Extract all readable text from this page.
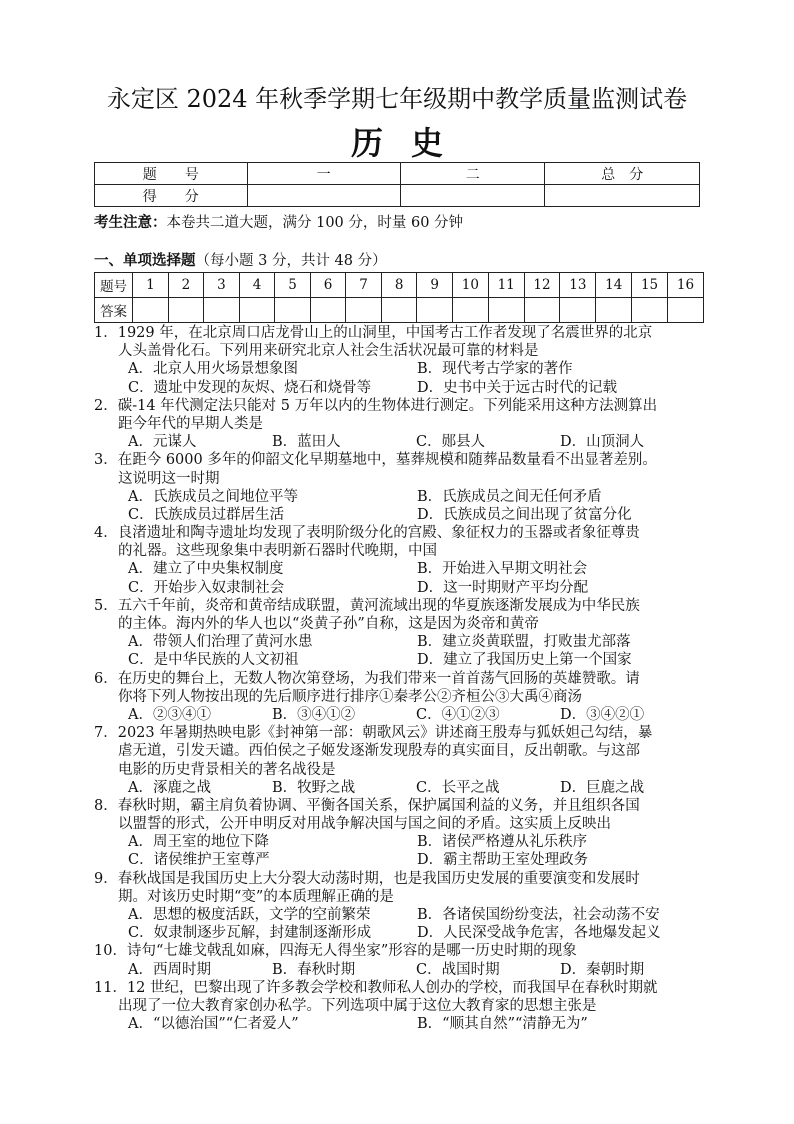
永定区 2024 年秋季学期七年级期中教学质量监测试卷
历史
题　　号	一	二	总　分
得　　分			
考生注意：本卷共二道大题，满分 100 分，时量 60 分钟
一、单项选择题（每小题 3 分，共计 48 分）
题号	1	2	3	4	5	6	7	8	9	10	11	12	13	14	15	16
答案																
1．1929 年，在北京周口店龙骨山上的山洞里，中国考古工作者发现了名震世界的北京
人头盖骨化石。下列用来研究北京人社会生活状况最可靠的材料是
A．北京人用火场景想象图	B．现代考古学家的著作
C．遗址中发现的灰烬、烧石和烧骨等	D．史书中关于远古时代的记载
2．碳-14 年代测定法只能对 5 万年以内的生物体进行测定。下列能采用这种方法测算出
距今年代的早期人类是
A．元谋人	B．蓝田人	C．郧县人	D．山顶洞人
3．在距今 6000 多年的仰韶文化早期墓地中，墓葬规模和随葬品数量看不出显著差别。
这说明这一时期
A．氏族成员之间地位平等	B．氏族成员之间无任何矛盾
C．氏族成员过群居生活	D．氏族成员之间出现了贫富分化
4．良渚遗址和陶寺遗址均发现了表明阶级分化的宫殿、象征权力的玉器或者象征尊贵
的礼器。这些现象集中表明新石器时代晚期，中国
A．建立了中央集权制度	B．开始进入早期文明社会
C．开始步入奴隶制社会	D．这一时期财产平均分配
5．五六千年前，炎帝和黄帝结成联盟，黄河流域出现的华夏族逐渐发展成为中华民族
的主体。海内外的华人也以“炎黄子孙”自称，这是因为炎帝和黄帝
A．带领人们治理了黄河水患	B．建立炎黄联盟，打败蚩尤部落
C．是中华民族的人文初祖	D．建立了我国历史上第一个国家
6．在历史的舞台上，无数人物次第登场，为我们带来一首首荡气回肠的英雄赞歌。请
你将下列人物按出现的先后顺序进行排序①秦孝公②齐桓公③大禹④商汤
A．②③④①	B．③④①②	C．④①②③	D．③④②①
7．2023 年暑期热映电影《封神第一部：朝歌风云》讲述商王殷寿与狐妖妲己勾结，暴
虐无道，引发天谴。西伯侯之子姬发逐渐发现殷寿的真实面目，反出朝歌。与这部
电影的历史背景相关的著名战役是
A．涿鹿之战	B．牧野之战	C．长平之战	D．巨鹿之战
8．春秋时期，霸主肩负着协调、平衡各国关系，保护属国利益的义务，并且组织各国
以盟誓的形式，公开申明反对用战争解决国与国之间的矛盾。这实质上反映出
A．周王室的地位下降	B．诸侯严格遵从礼乐秩序
C．诸侯维护王室尊严	D．霸主帮助王室处理政务
9．春秋战国是我国历史上大分裂大动荡时期，也是我国历史发展的重要演变和发展时
期。对该历史时期“变”的本质理解正确的是
A．思想的极度活跃，文学的空前繁荣	B．各诸侯国纷纷变法，社会动荡不安
C．奴隶制逐步瓦解，封建制逐渐形成	D．人民深受战争危害，各地爆发起义
10．诗句“七雄戈戟乱如麻，四海无人得坐家”形容的是哪一历史时期的现象
A．西周时期	B．春秋时期	C．战国时期	D．秦朝时期
11．12 世纪，巴黎出现了许多教会学校和教师私人创办的学校，而我国早在春秋时期就
出现了一位大教育家创办私学。下列选项中属于这位大教育家的思想主张是
A．“以德治国”“仁者爱人”	B．“顺其自然”“清静无为”
